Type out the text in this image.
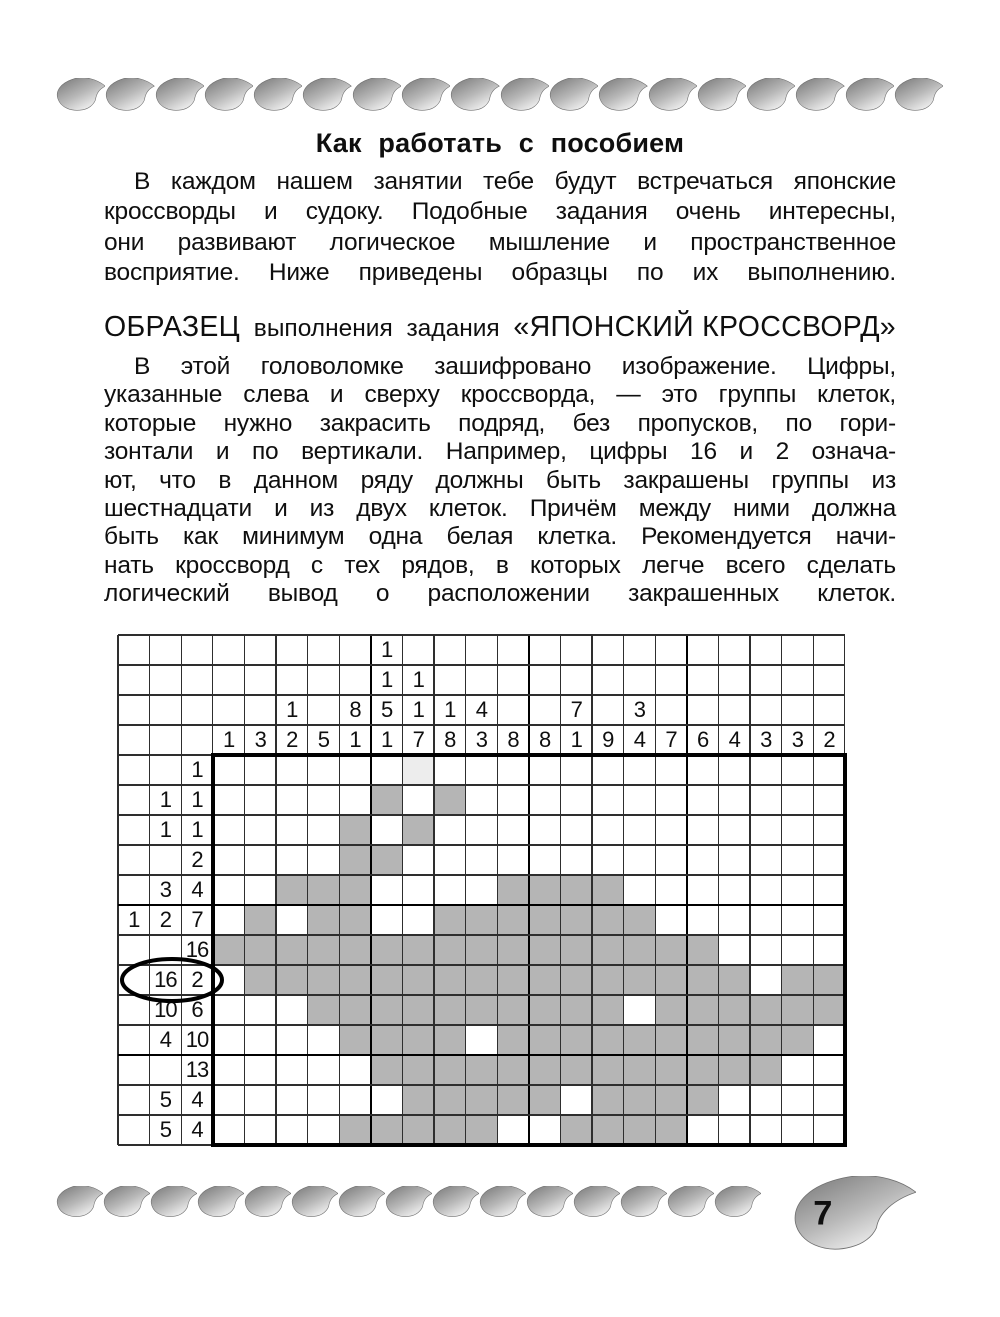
Как работать с пособием
В каждом нашем занятии тебе будут встречаться японские
кроссворды и судоку. Подобные задания очень интересны,
они развивают логическое мышление и пространственное
восприятие. Ниже приведены образцы по их выполнению.
ОБРАЗЕЦ выполнения задания «ЯПОНСКИЙ КРОССВОРД»
В этой головоломке зашифровано изображение. Цифры,
указанные слева и сверху кроссворда, — это группы клеток,
которые нужно закрасить подряд, без пропусков, по гори-
зонтали и по вертикали. Например, цифры 16 и 2 означа-
ют, что в данном ряду должны быть закрашены группы из
шестнадцати и из двух клеток. Причём между ними должна
быть как минимум одна белая клетка. Рекомендуется начи-
нать кроссворд с тех рядов, в которых легче всего сделать
логический вывод о расположении закрашенных клеток.
1 3
1
2 5
8
1
1
1
5
1
1
1
7
1
8
4
3 8 8
7
1 9
3
4 7 6 4 3 3 2
1
1 1
1 1
2
3 4
1 2 7
16
16 2
10 6
4 10
13
5 4
5 4
7
